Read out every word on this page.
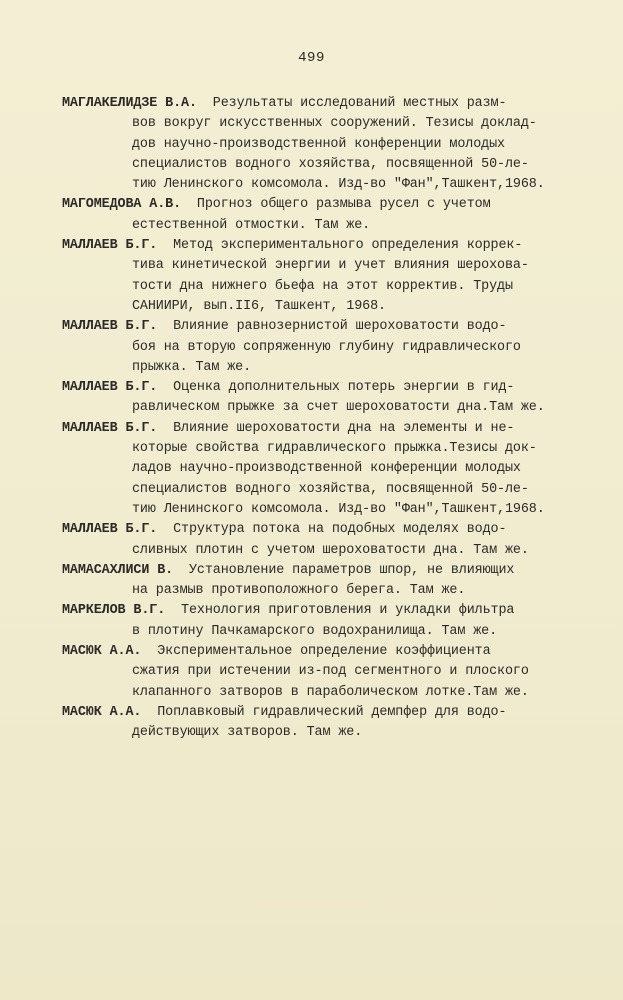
499
МАГЛАКЕЛИДЗЕ В.А.  Результаты исследований местных разм-
вов вокруг искусственных сооружений. Тезисы доклад-
дов научно-производственной конференции молодых
специалистов водного хозяйства, посвященной 50-ле-
тию Ленинского комсомола. Изд-во "Фан",Ташкент,1968.
МАГОМЕДОВА А.В.  Прогноз общего размыва русел с учетом
естественной отмостки. Там же.
МАЛЛАЕВ Б.Г.  Метод экспериментального определения коррек-
тива кинетической энергии и учет влияния шерохова-
тости дна нижнего бьефа на этот корректив. Труды
САНИИРИ, вып.II6, Ташкент, 1968.
МАЛЛАЕВ Б.Г.  Влияние равнозернистой шероховатости водо-
боя на вторую сопряженную глубину гидравлического
прыжка. Там же.
МАЛЛАЕВ Б.Г.  Оценка дополнительных потерь энергии в гид-
равлическом прыжке за счет шероховатости дна.Там же.
МАЛЛАЕВ Б.Г.  Влияние шероховатости дна на элементы и не-
которые свойства гидравлического прыжка.Тезисы док-
ладов научно-производственной конференции молодых
специалистов водного хозяйства, посвященной 50-ле-
тию Ленинского комсомола. Изд-во "Фан",Ташкент,1968.
МАЛЛАЕВ Б.Г.  Структура потока на подобных моделях водо-
сливных плотин с учетом шероховатости дна. Там же.
МАМАСАХЛИСИ В.  Установление параметров шпор, не влияющих
на размыв противоположного берега. Там же.
МАРКЕЛОВ В.Г.  Технология приготовления и укладки фильтра
в плотину Пачкамарского водохранилища. Там же.
МАСЮК А.А.  Экспериментальное определение коэффициента
сжатия при истечении из-под сегментного и плоского
клапанного затворов в параболическом лотке.Там же.
МАСЮК А.А.  Поплавковый гидравлический демпфер для водо-
действующих затворов. Там же.
